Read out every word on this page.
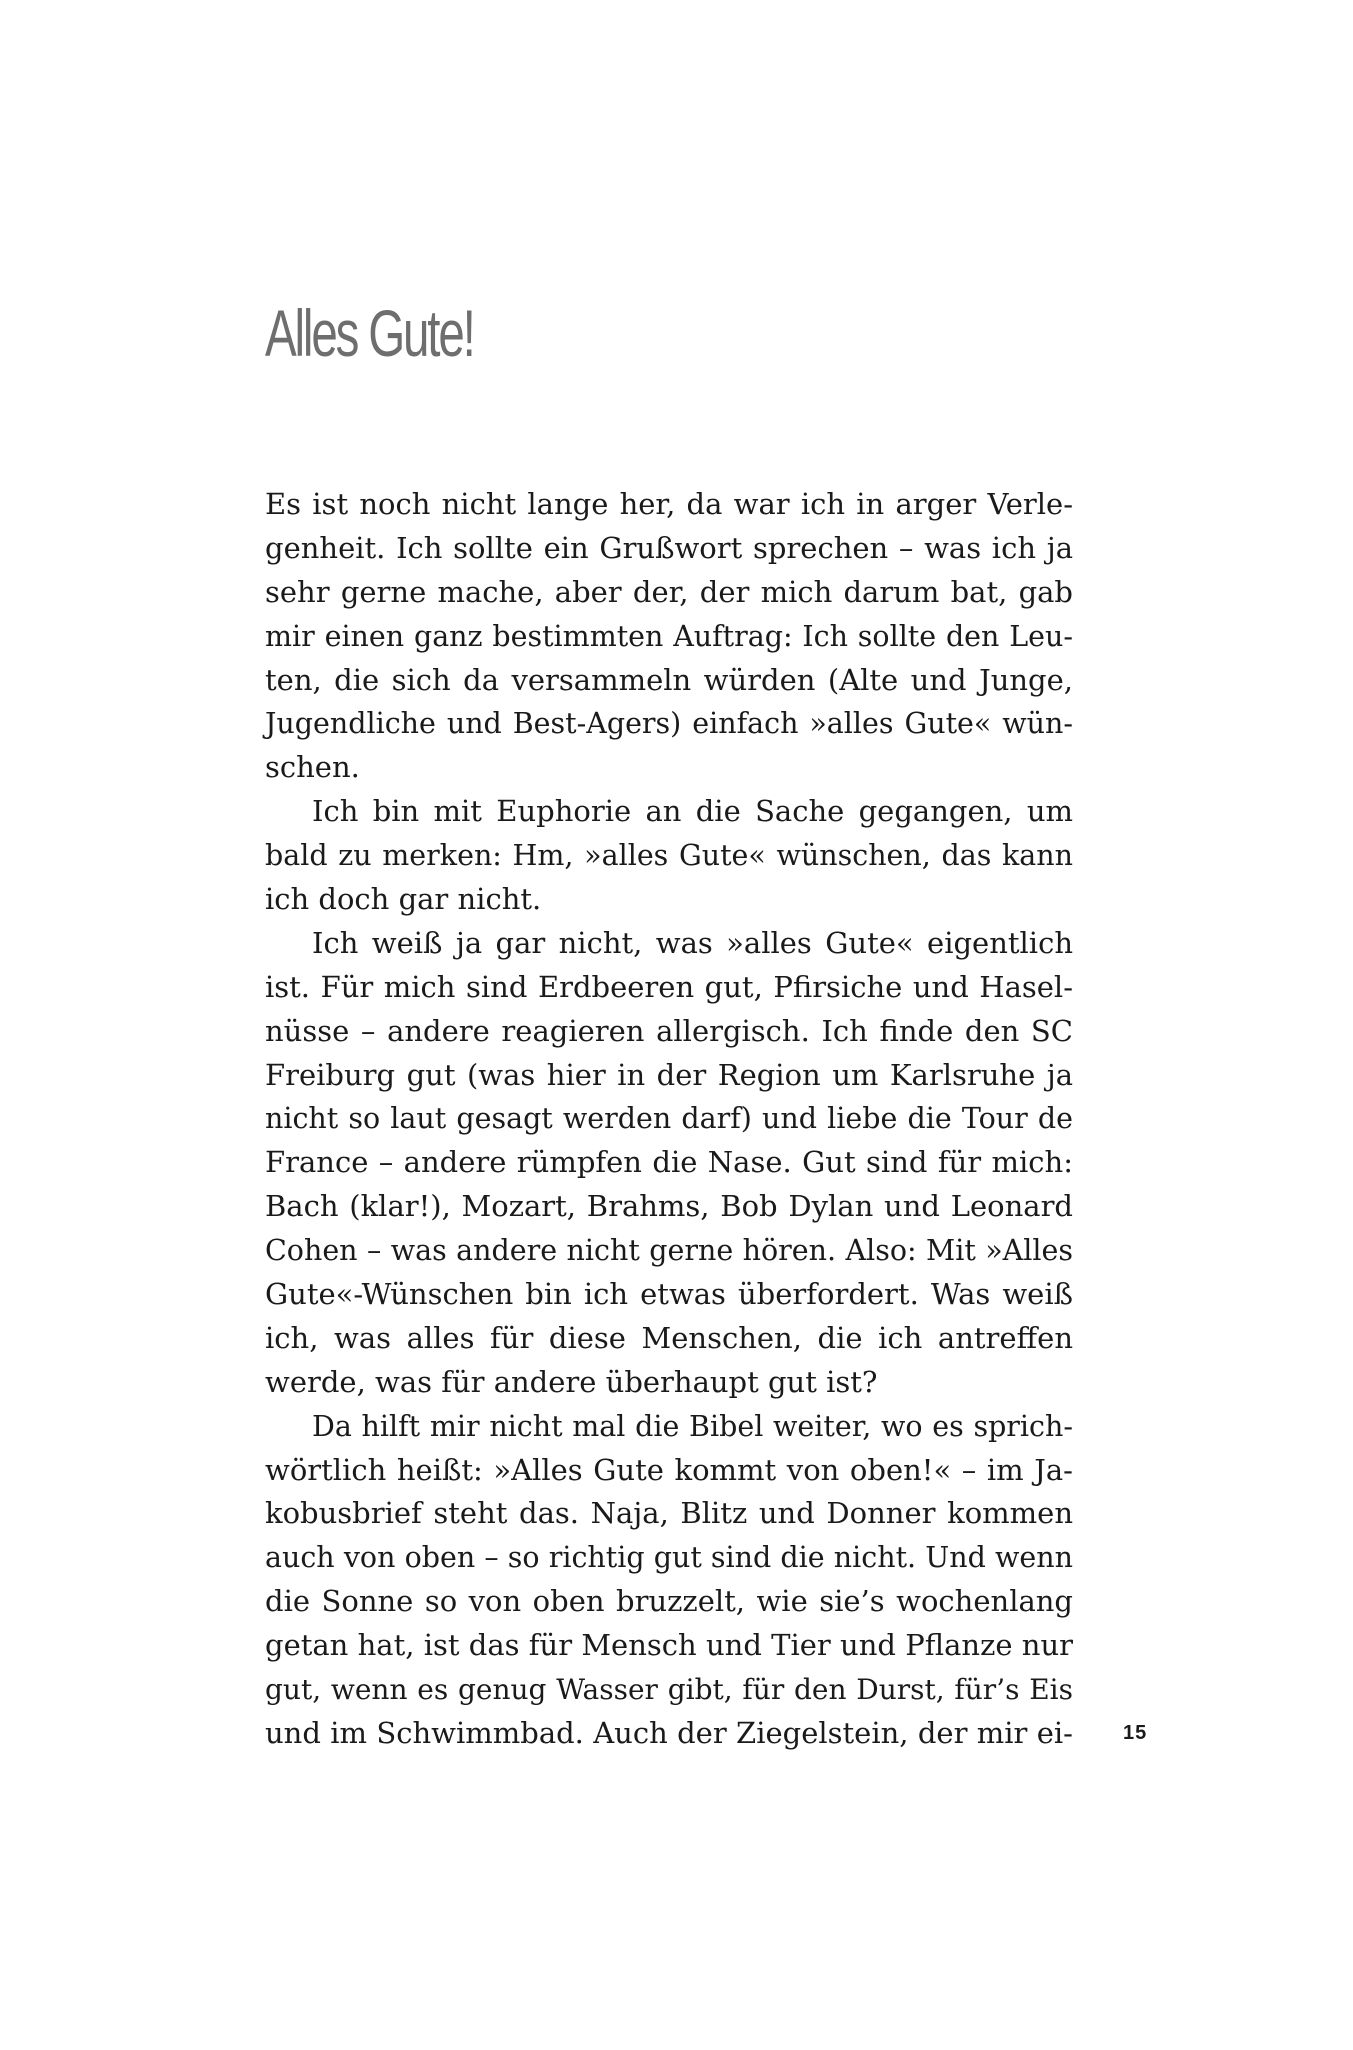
Alles Gute!
Es ist noch nicht lange her, da war ich in arger Verle-
genheit. Ich sollte ein Grußwort sprechen – was ich ja
sehr gerne mache, aber der, der mich darum bat, gab
mir einen ganz bestimmten Auftrag: Ich sollte den Leu-
ten, die sich da versammeln würden (Alte und Junge,
Jugendliche und Best-Agers) einfach »alles Gute« wün-
schen.
Ich bin mit Euphorie an die Sache gegangen, um
bald zu merken: Hm, »alles Gute« wünschen, das kann
ich doch gar nicht.
Ich weiß ja gar nicht, was »alles Gute« eigentlich
ist. Für mich sind Erdbeeren gut, Pfirsiche und Hasel-
nüsse – andere reagieren allergisch. Ich finde den SC
Freiburg gut (was hier in der Region um Karlsruhe ja
nicht so laut gesagt werden darf) und liebe die Tour de
France – andere rümpfen die Nase. Gut sind für mich:
Bach (klar!), Mozart, Brahms, Bob Dylan und Leonard
Cohen – was andere nicht gerne hören. Also: Mit »Alles
Gute«-Wünschen bin ich etwas überfordert. Was weiß
ich, was alles für diese Menschen, die ich antreffen
werde, was für andere überhaupt gut ist?
Da hilft mir nicht mal die Bibel weiter, wo es sprich-
wörtlich heißt: »Alles Gute kommt von oben!« – im Ja-
kobusbrief steht das. Naja, Blitz und Donner kommen
auch von oben – so richtig gut sind die nicht. Und wenn
die Sonne so von oben bruzzelt, wie sie’s wochenlang
getan hat, ist das für Mensch und Tier und Pflanze nur
gut, wenn es genug Wasser gibt, für den Durst, für’s Eis
und im Schwimmbad. Auch der Ziegelstein, der mir ei-	15
